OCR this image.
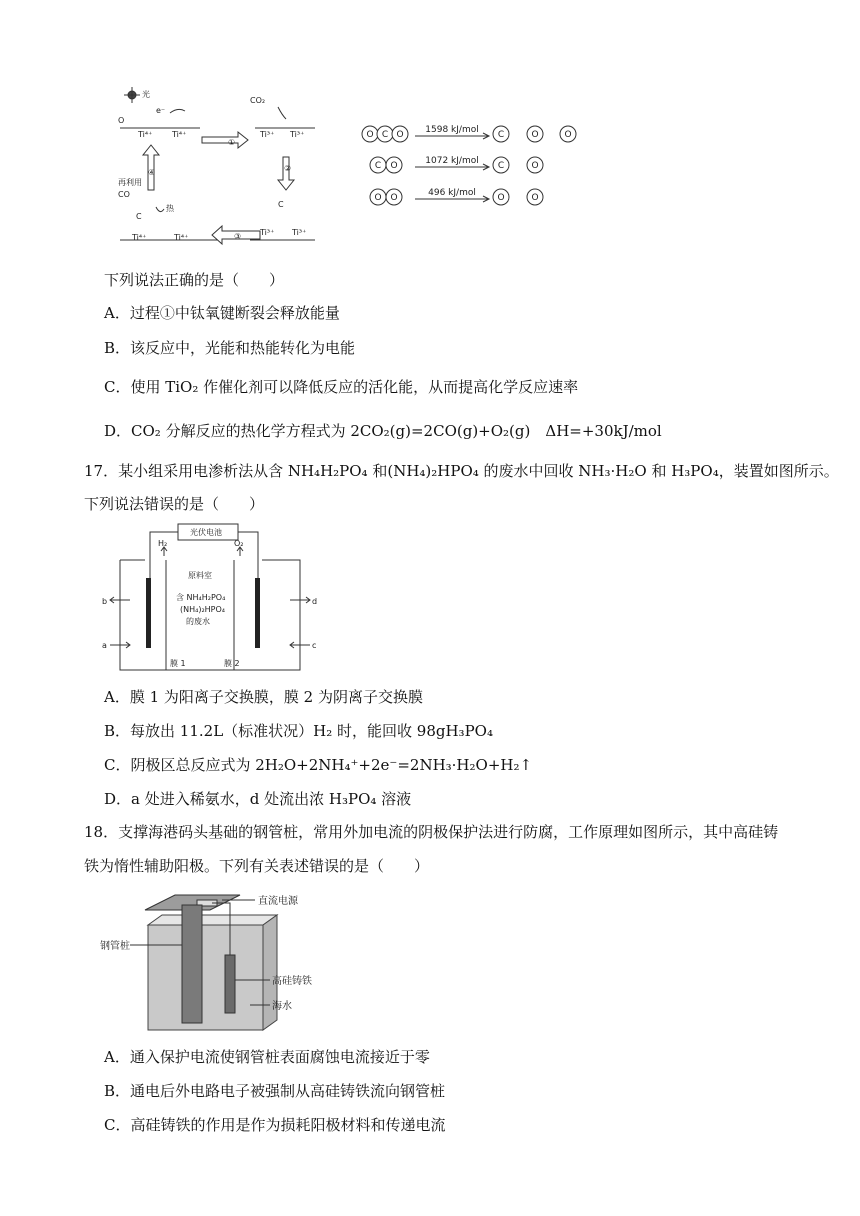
光
e⁻
O
Ti⁴⁺ Ti⁴⁺
CO₂
Ti³⁺ Ti³⁺
②
①
③
④
C
Ti³⁺ Ti³⁺
再利用
CO
热
C
Ti⁴⁺	Ti⁴⁺
O C O	C	O	O
C O	C	O
O O	O	O
1598 kJ/mol
1072 kJ/mol
496 kJ/mol
下列说法正确的是（　　）
A．过程①中钛氧键断裂会释放能量
B．该反应中，光能和热能转化为电能
C．使用 TiO₂ 作催化剂可以降低反应的活化能，从而提高化学反应速率
D．CO₂ 分解反应的热化学方程式为 2CO₂(g)=2CO(g)+O₂(g)　ΔH=+30kJ/mol
17．某小组采用电渗析法从含 NH₄H₂PO₄ 和(NH₄)₂HPO₄ 的废水中回收 NH₃·H₂O 和 H₃PO₄，装置如图所示。
下列说法错误的是（　　）
光伏电池
H₂	O₂
原料室
含 NH₄H₂PO₄
(NH₄)₂HPO₄
的废水
膜 1	膜 2
b
a
d
c
A．膜 1 为阳离子交换膜，膜 2 为阴离子交换膜
B．每放出 11.2L（标准状况）H₂ 时，能回收 98gH₃PO₄
C．阴极区总反应式为 2H₂O+2NH₄⁺+2e⁻=2NH₃·H₂O+H₂↑
D．a 处进入稀氨水，d 处流出浓 H₃PO₄ 溶液
18．支撑海港码头基础的钢管桩，常用外加电流的阴极保护法进行防腐，工作原理如图所示，其中高硅铸
铁为惰性辅助阳极。下列有关表述错误的是（　　）
直流电源
钢管桩
高硅铸铁
海水
A．通入保护电流使钢管桩表面腐蚀电流接近于零
B．通电后外电路电子被强制从高硅铸铁流向钢管桩
C．高硅铸铁的作用是作为损耗阳极材料和传递电流
